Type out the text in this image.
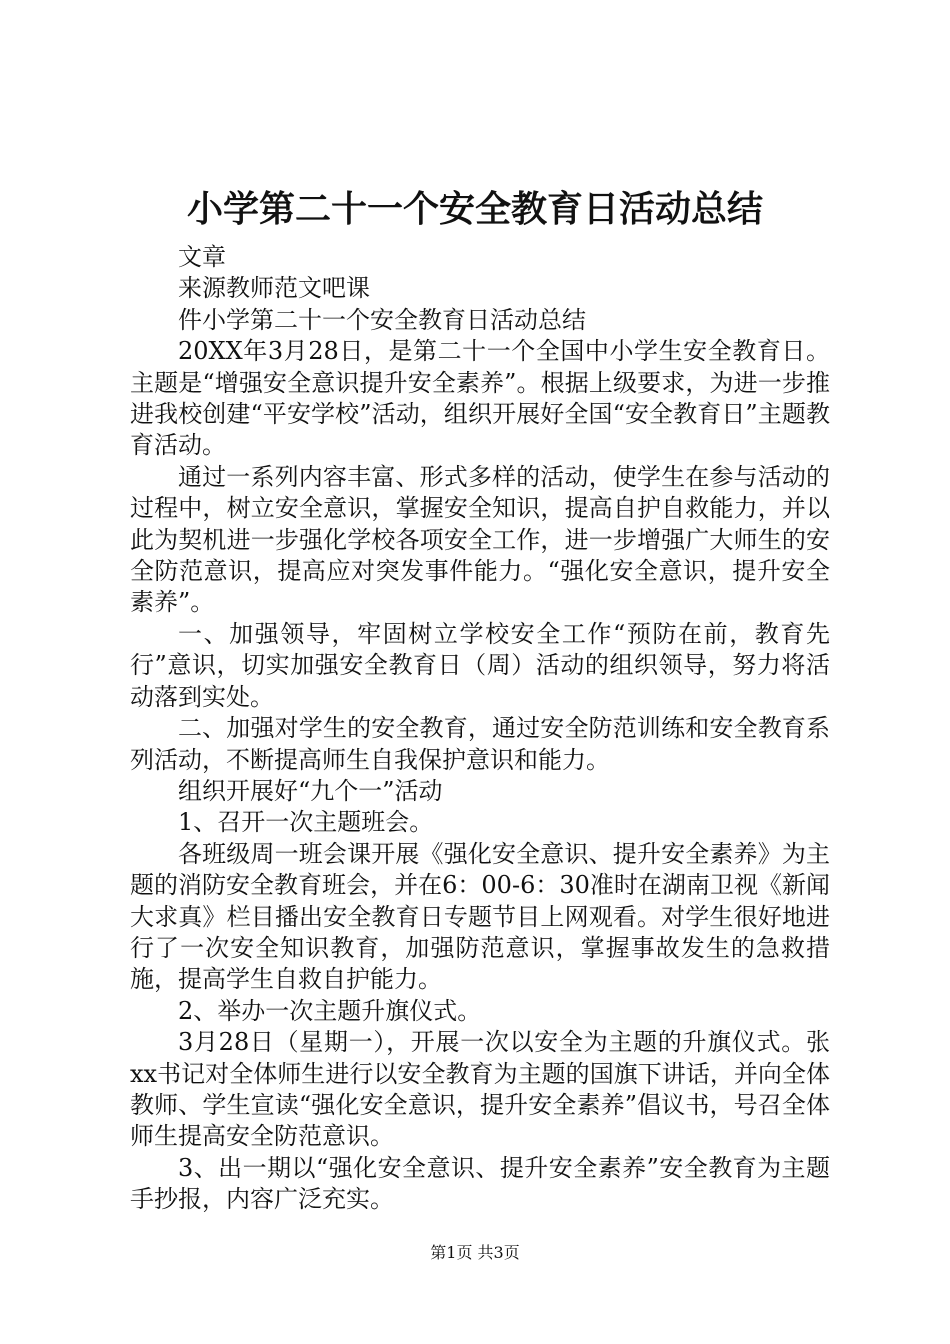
小学第二十一个安全教育日活动总结

文章

来源教师范文吧课

件小学第二十一个安全教育日活动总结

20XX年3月28日，是第二十一个全国中小学生安全教育日。主题是“增强安全意识提升安全素养”。根据上级要求，为进一步推进我校创建“平安学校”活动，组织开展好全国“安全教育日”主题教育活动。

通过一系列内容丰富、形式多样的活动，使学生在参与活动的过程中，树立安全意识，掌握安全知识，提高自护自救能力，并以此为契机进一步强化学校各项安全工作，进一步增强广大师生的安全防范意识，提高应对突发事件能力。“强化安全意识，提升安全素养”。

一、加强领导，牢固树立学校安全工作“预防在前，教育先行”意识，切实加强安全教育日（周）活动的组织领导，努力将活动落到实处。

二、加强对学生的安全教育，通过安全防范训练和安全教育系列活动，不断提高师生自我保护意识和能力。

组织开展好“九个一”活动

1、召开一次主题班会。

各班级周一班会课开展《强化安全意识、提升安全素养》为主题的消防安全教育班会，并在6：00-6：30准时在湖南卫视《新闻大求真》栏目播出安全教育日专题节目上网观看。对学生很好地进行了一次安全知识教育，加强防范意识，掌握事故发生的急救措施，提高学生自救自护能力。

2、举办一次主题升旗仪式。

3月28日（星期一），开展一次以安全为主题的升旗仪式。张xx书记对全体师生进行以安全教育为主题的国旗下讲话，并向全体教师、学生宣读“强化安全意识，提升安全素养”倡议书，号召全体师生提高安全防范意识。

3、出一期以“强化安全意识、提升安全素养”安全教育为主题手抄报，内容广泛充实。

第1页 共3页
